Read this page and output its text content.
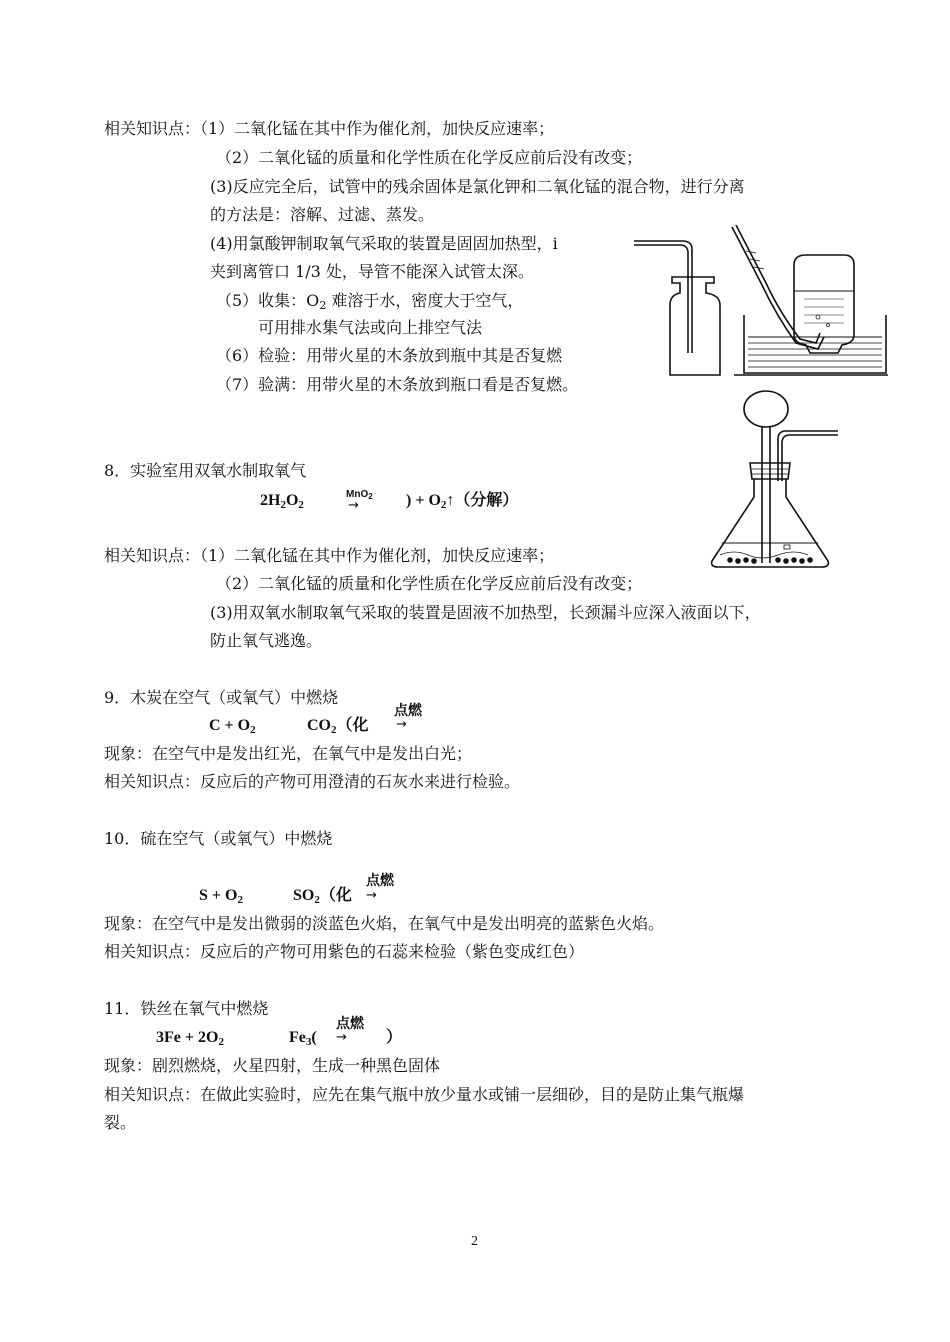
相关知识点：（1）二氧化锰在其中作为催化剂，加快反应速率；
（2）二氧化锰的质量和化学性质在化学反应前后没有改变；
(3)反应完全后，试管中的残余固体是氯化钾和二氧化锰的混合物，进行分离
的方法是：溶解、过滤、蒸发。
(4)用氯酸钾制取氧气采取的装置是固固加热型，i
夹到离管口 1/3 处，导管不能深入试管太深。
（5）收集：$O_2$ 难溶于水，密度大于空气，
可用排水集气法或向上排空气法
（6）检验：用带火星的木条放到瓶中其是否复燃
（7）验满：用带火星的木条放到瓶口看是否复燃。
8．实验室用双氧水制取氧气
$2H_2O_2$
MnO$_2$
→	) + $O_2↑$（分解）
相关知识点：（1）二氧化锰在其中作为催化剂，加快反应速率；
（2）二氧化锰的质量和化学性质在化学反应前后没有改变；
(3)用双氧水制取氧气采取的装置是固液不加热型，长颈漏斗应深入液面以下，
防止氧气逃逸。
9．木炭在空气（或氧气）中燃烧
点燃
$C + O_2$	$CO_2$（化 →
现象：在空气中是发出红光，在氧气中是发出白光；
相关知识点：反应后的产物可用澄清的石灰水来进行检验。
10．硫在空气（或氧气）中燃烧
点燃
$S + O_2$	$SO_2$（化 →
现象：在空气中是发出微弱的淡蓝色火焰，在氧气中是发出明亮的蓝紫色火焰。
相关知识点：反应后的产物可用紫色的石蕊来检验（紫色变成红色）
11．铁丝在氧气中燃烧
点燃
$3Fe + 2O_2$	$Fe_3$( → ）
现象：剧烈燃烧，火星四射，生成一种黑色固体
相关知识点：在做此实验时，应先在集气瓶中放少量水或铺一层细砂，目的是防止集气瓶爆
裂。
2
